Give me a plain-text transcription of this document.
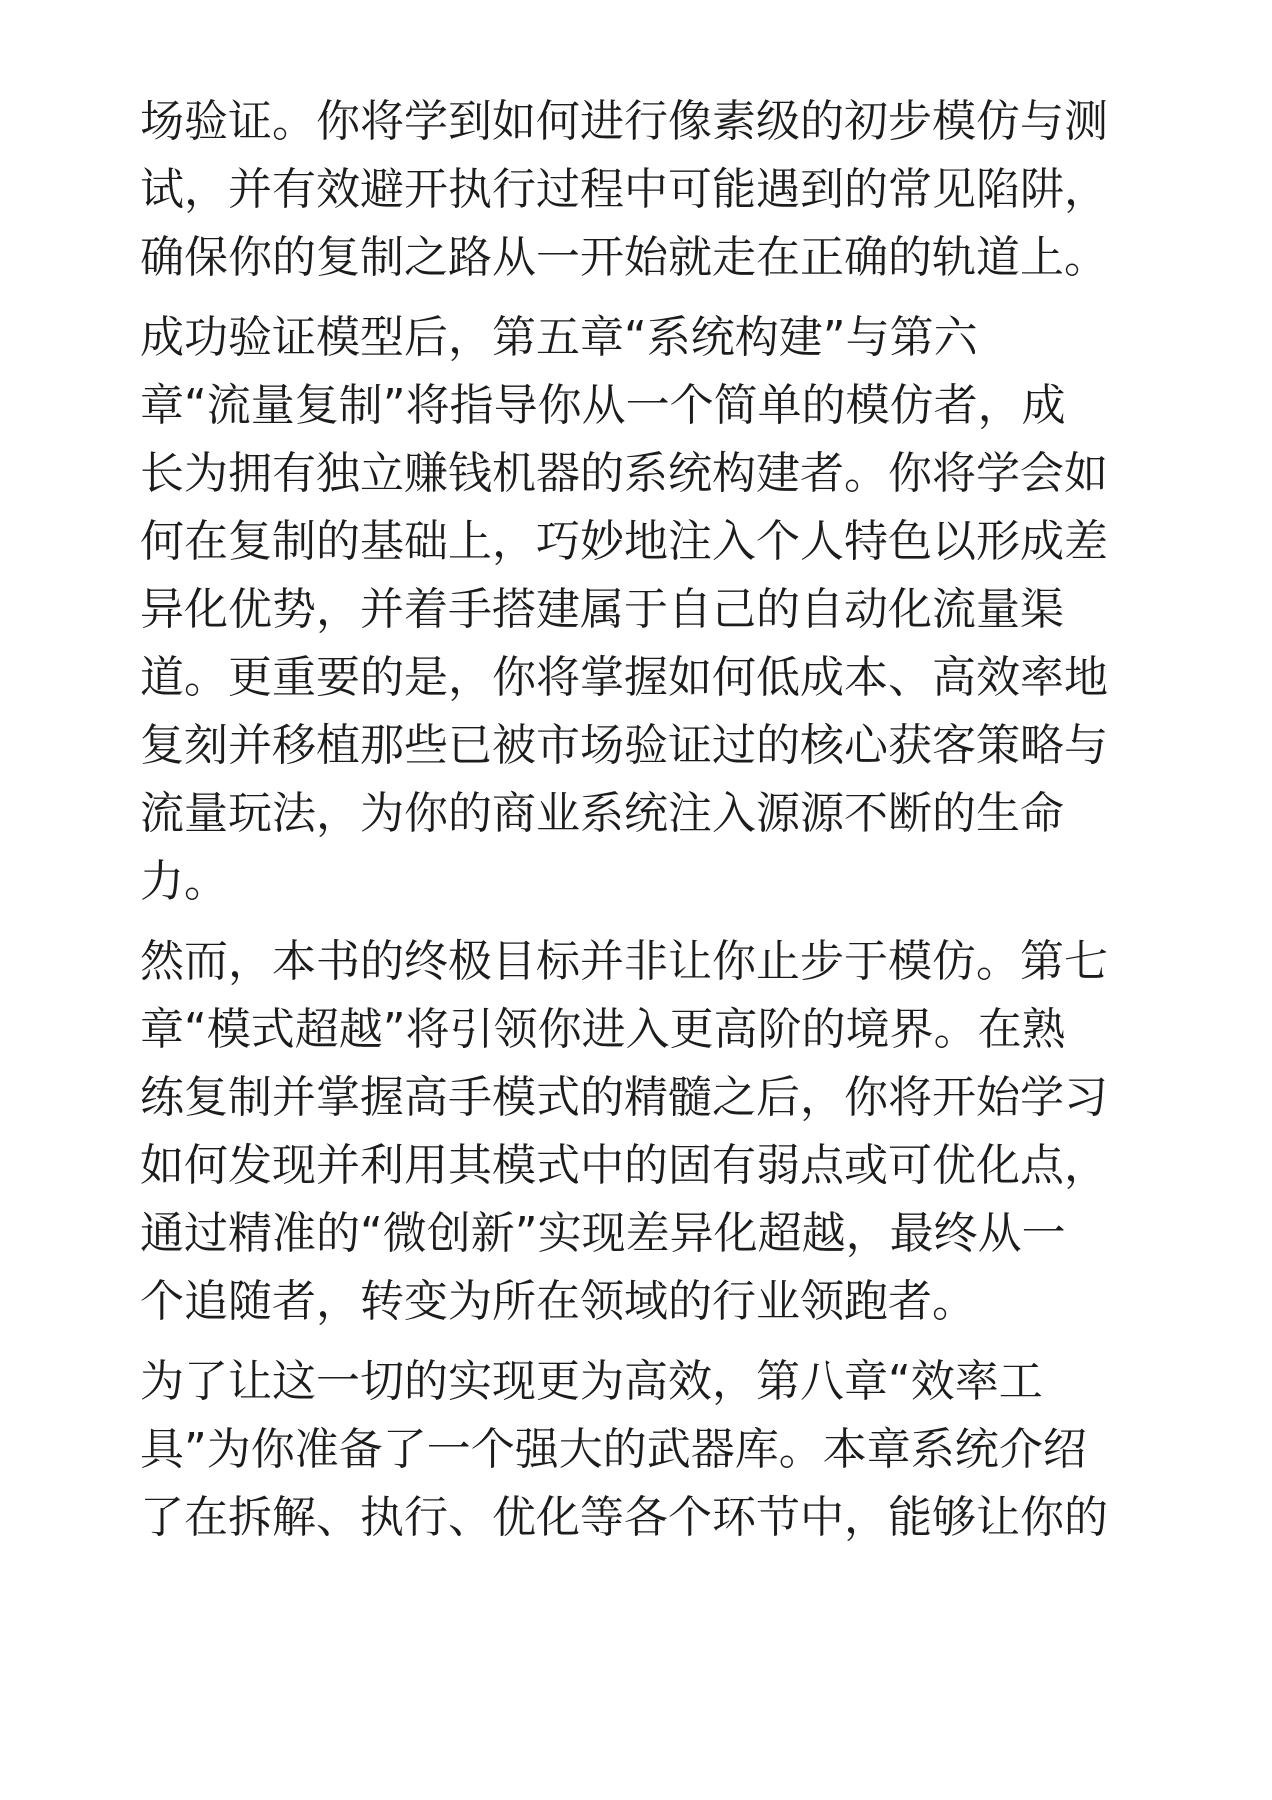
场验证。你将学到如何进行像素级的初步模仿与测
试，并有效避开执行过程中可能遇到的常见陷阱，
确保你的复制之路从一开始就走在正确的轨道上。

成功验证模型后，第五章“系统构建”与第六
章“流量复制”将指导你从一个简单的模仿者，成
长为拥有独立赚钱机器的系统构建者。你将学会如
何在复制的基础上，巧妙地注入个人特色以形成差
异化优势，并着手搭建属于自己的自动化流量渠
道。更重要的是，你将掌握如何低成本、高效率地
复刻并移植那些已被市场验证过的核心获客策略与
流量玩法，为你的商业系统注入源源不断的生命
力。

然而，本书的终极目标并非让你止步于模仿。第七
章“模式超越”将引领你进入更高阶的境界。在熟
练复制并掌握高手模式的精髓之后，你将开始学习
如何发现并利用其模式中的固有弱点或可优化点，
通过精准的“微创新”实现差异化超越，最终从一
个追随者，转变为所在领域的行业领跑者。

为了让这一切的实现更为高效，第八章“效率工
具”为你准备了一个强大的武器库。本章系统介绍
了在拆解、执行、优化等各个环节中，能够让你的
